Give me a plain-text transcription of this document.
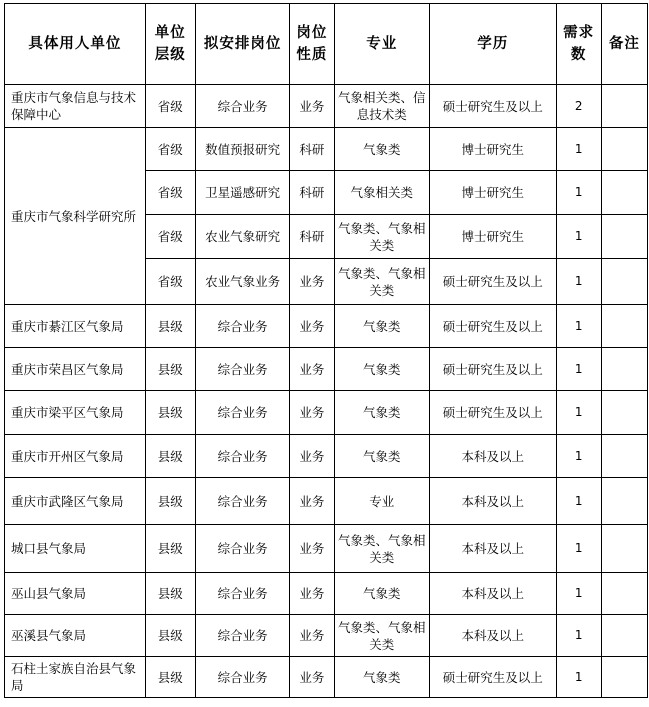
具体用人单位	单位层级	拟安排岗位	岗位性质	专业	学历	需求数	备注
重庆市气象信息与技术保障中心	省级	综合业务	业务	气象相关类、信息技术类	硕士研究生及以上	2	
重庆市气象科学研究所	省级	数值预报研究	科研	气象类	博士研究生	1	
	省级	卫星遥感研究	科研	气象相关类	博士研究生	1	
	省级	农业气象研究	科研	气象类、气象相关类	博士研究生	1	
	省级	农业气象业务	业务	气象类、气象相关类	硕士研究生及以上	1	
重庆市綦江区气象局	县级	综合业务	业务	气象类	硕士研究生及以上	1	
重庆市荣昌区气象局	县级	综合业务	业务	气象类	硕士研究生及以上	1	
重庆市梁平区气象局	县级	综合业务	业务	气象类	硕士研究生及以上	1	
重庆市开州区气象局	县级	综合业务	业务	气象类	本科及以上	1	
重庆市武隆区气象局	县级	综合业务	业务	专业	本科及以上	1	
城口县气象局	县级	综合业务	业务	气象类、气象相关类	本科及以上	1	
巫山县气象局	县级	综合业务	业务	气象类	本科及以上	1	
巫溪县气象局	县级	综合业务	业务	气象类、气象相关类	本科及以上	1	
石柱土家族自治县气象局	县级	综合业务	业务	气象类	硕士研究生及以上	1	
